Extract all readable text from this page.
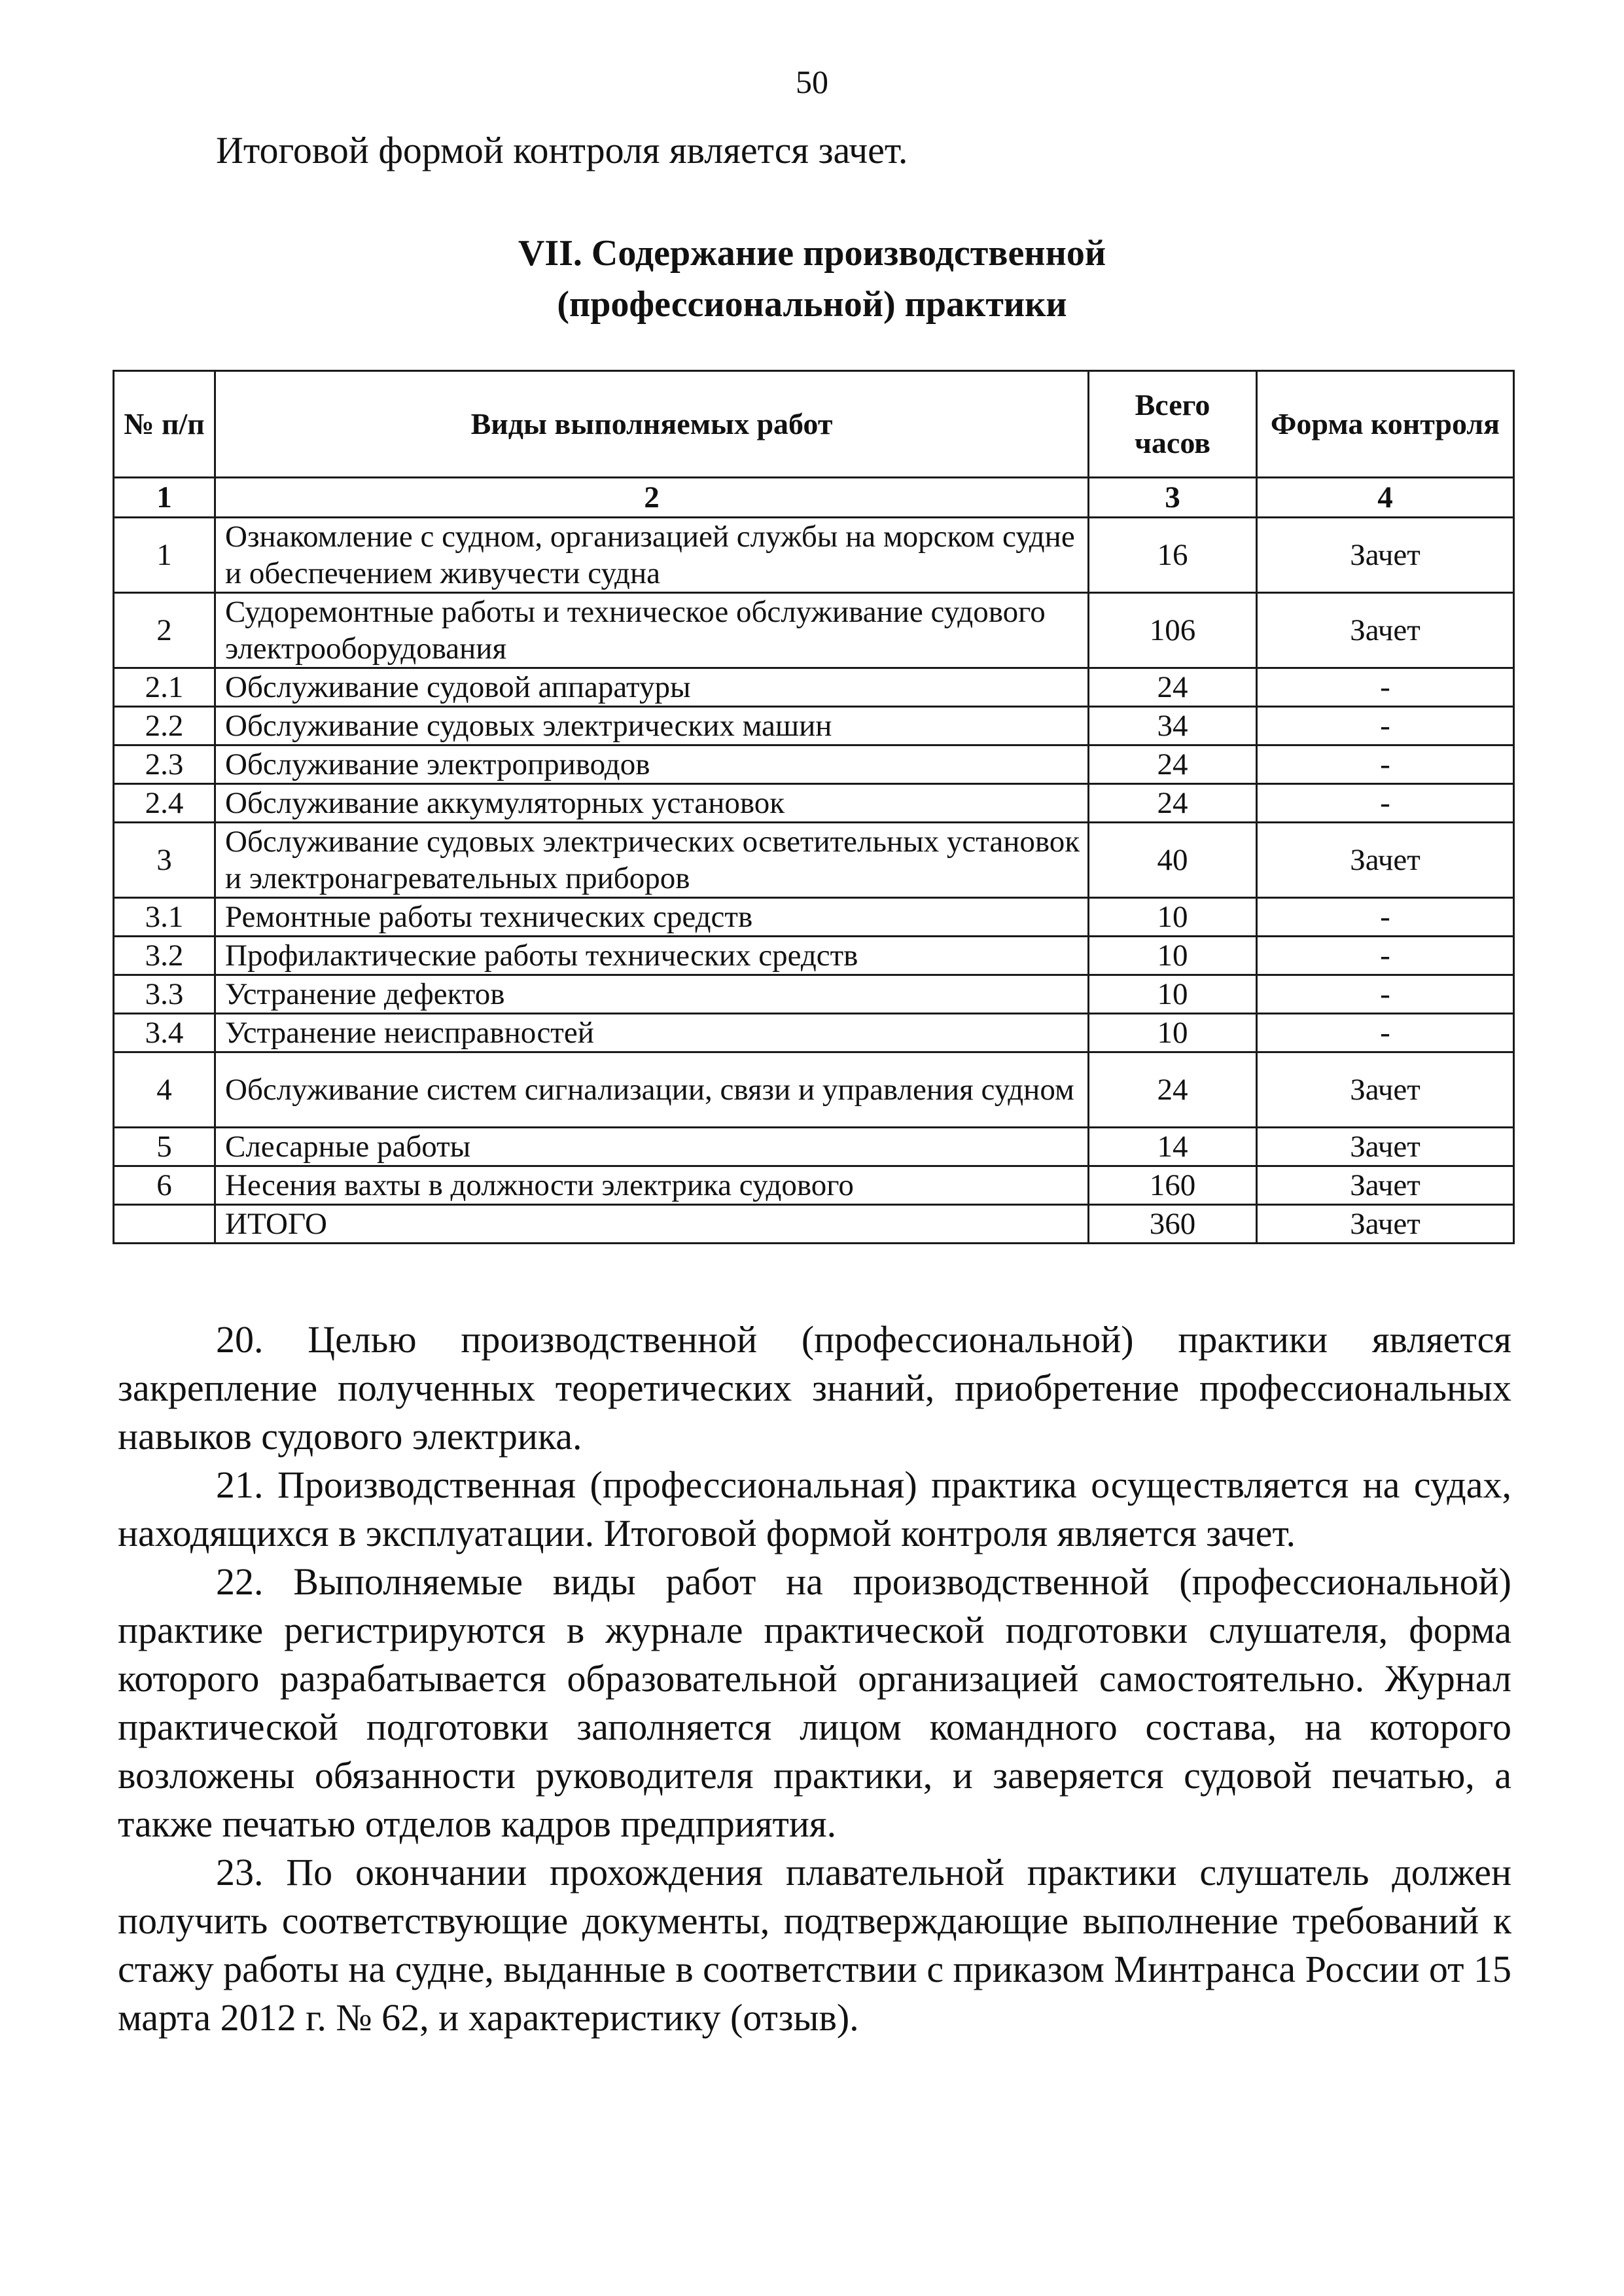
50
Итоговой формой контроля является зачет.
VII. Содержание производственной
(профессиональной) практики
№ п/п	Виды выполняемых работ	Всего часов	Форма контроля
1	2	3	4
1	Ознакомление с судном, организацией службы на морском судне и обеспечением живучести судна	16	Зачет
2	Судоремонтные работы и техническое обслуживание судового электрооборудования	106	Зачет
2.1	Обслуживание судовой аппаратуры	24	-
2.2	Обслуживание судовых электрических машин	34	-
2.3	Обслуживание электроприводов	24	-
2.4	Обслуживание аккумуляторных установок	24	-
3	Обслуживание судовых электрических осветительных установок и электронагревательных приборов	40	Зачет
3.1	Ремонтные работы технических средств	10	-
3.2	Профилактические работы технических средств	10	-
3.3	Устранение дефектов	10	-
3.4	Устранение неисправностей	10	-
4	Обслуживание систем сигнализации, связи и управления судном	24	Зачет
5	Слесарные работы	14	Зачет
6	Несения вахты в должности электрика судового	160	Зачет
	ИТОГО	360	Зачет

20. Целью производственной (профессиональной) практики является закрепление полученных теоретических знаний, приобретение профессиональных навыков судового электрика.

21. Производственная (профессиональная) практика осуществляется на судах, находящихся в эксплуатации. Итоговой формой контроля является зачет.

22. Выполняемые виды работ на производственной (профессиональной) практике регистрируются в журнале практической подготовки слушателя, форма которого разрабатывается образовательной организацией самостоятельно. Журнал практической подготовки заполняется лицом командного состава, на которого возложены обязанности руководителя практики, и заверяется судовой печатью, а также печатью отделов кадров предприятия.

23. По окончании прохождения плавательной практики слушатель должен получить соответствующие документы, подтверждающие выполнение требований к стажу работы на судне, выданные в соответствии с приказом Минтранса России от 15 марта 2012 г. № 62, и характеристику (отзыв).
